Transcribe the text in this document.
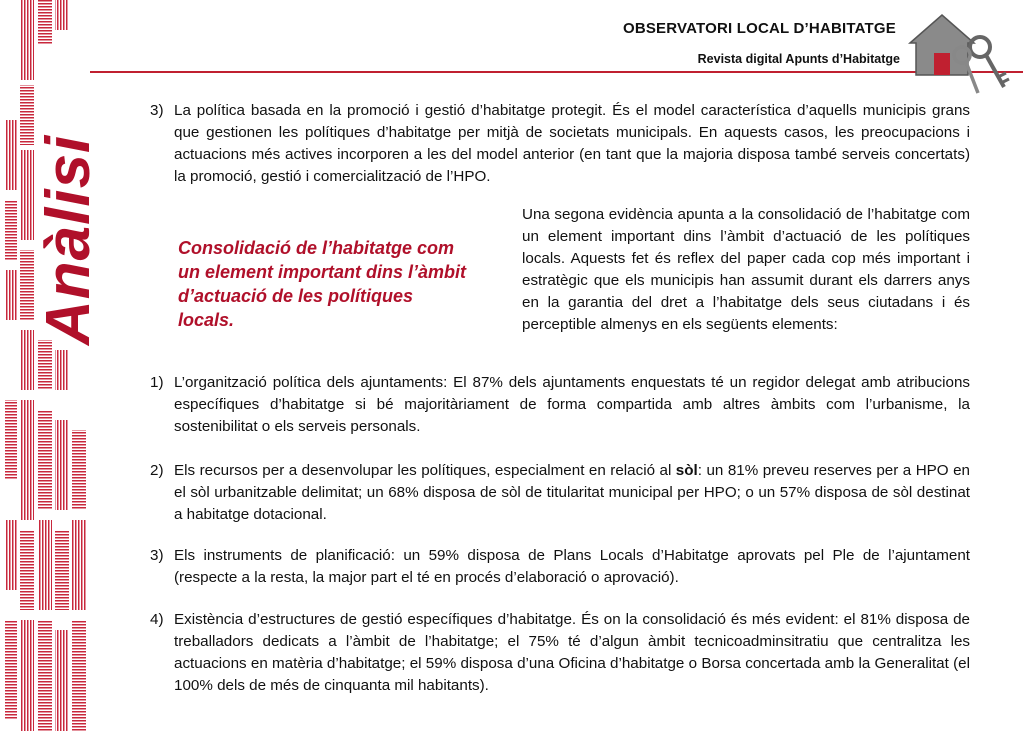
Anàlisi
OBSERVATORI LOCAL D’HABITATGE
Revista digital Apunts d’Habitatge
3) La política basada en la promoció i gestió d’habitatge protegit. És el model característica d’aquells municipis grans que gestionen les polítiques d’habitatge per mitjà de societats municipals. En aquests casos, les preocupacions i actuacions més actives incorporen a les del model anterior (en tant que la majoria disposa també serveis concertats) la promoció, gestió i comercialització de l’HPO.
Consolidació de l’habitatge com un element important dins l’àmbit d’actuació de les polítiques locals.
Una segona evidència apunta a la consolidació de l’habitatge com un element important dins l’àmbit d’actuació de les polítiques locals. Aquests fet és reflex del paper cada cop més important i estratègic que els municipis han assumit durant els darrers anys en la garantia del dret a l’habitatge dels seus ciutadans i és perceptible almenys en els següents elements:
1) L’organització política dels ajuntaments: El 87% dels ajuntaments enquestats té un regidor delegat amb atribucions específiques d’habitatge si bé majoritàriament de forma compartida amb altres àmbits com l’urbanisme, la sostenibilitat o els serveis personals.
2) Els recursos per a desenvolupar les polítiques, especialment en relació al sòl: un 81% preveu reserves per a HPO en el sòl urbanitzable delimitat; un 68% disposa de sòl de titularitat municipal per HPO; o un 57% disposa de sòl destinat a habitatge dotacional.
3) Els instruments de planificació: un 59% disposa de Plans Locals d’Habitatge aprovats pel Ple de l’ajuntament (respecte a la resta, la major part el té en procés d’elaboració o aprovació).
4) Existència d’estructures de gestió específiques d’habitatge. És on la consolidació és més evident: el 81% disposa de treballadors dedicats a l’àmbit de l’habitatge; el 75% té d’algun àmbit tecnicoadminsitratiu que centralitza les actuacions en matèria d’habitatge; el 59% disposa d’una Oficina d’habitatge o Borsa concertada amb la Generalitat (el 100% dels de més de cinquanta mil habitants).
